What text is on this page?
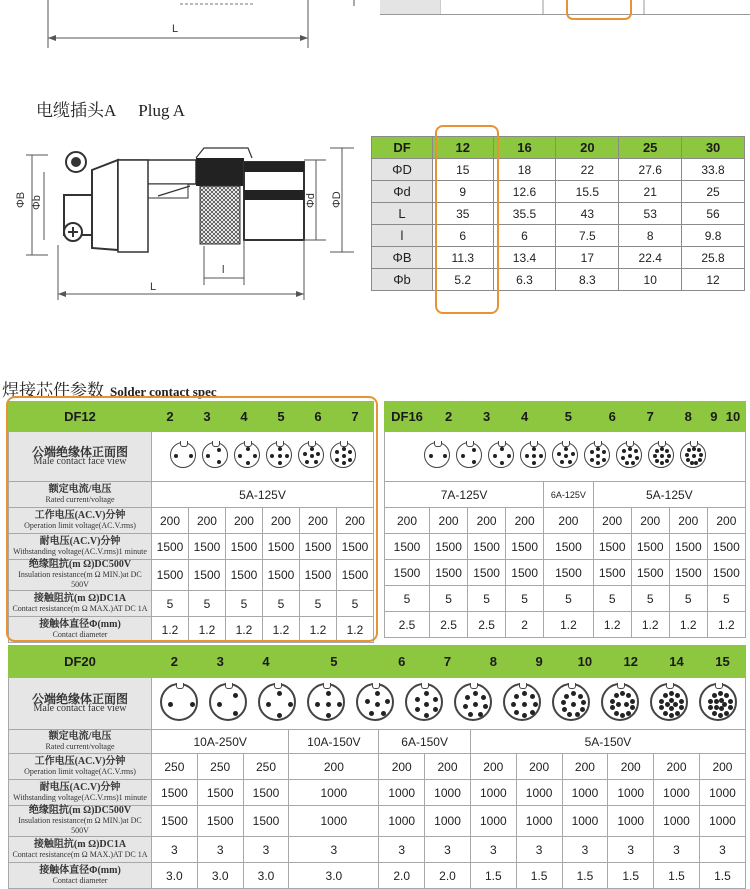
L
电缆插头A Plug A
ΦB Φb	Φd ΦD
l
L
DF	12	16	20	25	30
ΦD	15	18	22	27.6	33.8
Φd	9	12.6	15.5	21	25
L	35	35.5	43	53	56
l	6	6	7.5	8	9.8
ΦB	11.3	13.4	17	22.4	25.8
Φb	5.2	6.3	8.3	10	12
焊接芯件参数 Solder contact spec
DF12	2	3	4	5	6	7

公端绝缘体正面图
Male contact face view						

额定电流/电压
Rated current/voltage	5A-125V					

工作电压(AC.V)分钟
Operation limit voltage(AC.V.rms)	200	200	200	200	200	200

耐电压(AC.V)分钟
Withstanding voltage(AC.V.rms)1 minute	1500	1500	1500	1500	1500	1500

绝缘阻抗(m Ω)DC500V
Insulation resistance(m Ω MIN.)at DC 500V	1500	1500	1500	1500	1500	1500

接触阻抗(m Ω)DC1A
Contact resistance(m Ω MAX.)AT DC 1A	5	5	5	5	5	5

接触体直径Φ(mm)
Contact diameter	1.2	1.2	1.2	1.2	1.2	1.2
DF16	2	3	4	5	6	7	8	9	10

7A-125V				6A-125V	5A-125V				
200	200	200	200	200	200	200	200	200	
1500	1500	1500	1500	1500	1500	1500	1500	1500	
1500	1500	1500	1500	1500	1500	1500	1500	1500	
5	5	5	5	5	5	5	5	5	
2.5	2.5	2.5	2	1.2	1.2	1.2	1.2	1.2	
DF20	2	3	4	5	6	7	8	9	10	12	14	15

公端绝缘体正面图
Male contact face view												

额定电流/电压
Rated current/voltage	10A-250V			10A-150V	6A-150V		5A-150V					

工作电压(AC.V)分钟
Operation limit voltage(AC.V.rms)	250	250	250	200	200	200	200	200	200	200	200	200

耐电压(AC.V)分钟
Withstanding voltage(AC.V.rms)1 minute	1500	1500	1500	1000	1000	1000	1000	1000	1000	1000	1000	1000

绝缘阻抗(m Ω)DC500V
Insulation resistance(m Ω MIN.)at DC 500V	1500	1500	1500	1000	1000	1000	1000	1000	1000	1000	1000	1000

接触阻抗(m Ω)DC1A
Contact resistance(m Ω MAX.)AT DC 1A	3	3	3	3	3	3	3	3	3	3	3	3

接触体直径Φ(mm)
Contact diameter	3.0	3.0	3.0	3.0	2.0	2.0	1.5	1.5	1.5	1.5	1.5	1.5
